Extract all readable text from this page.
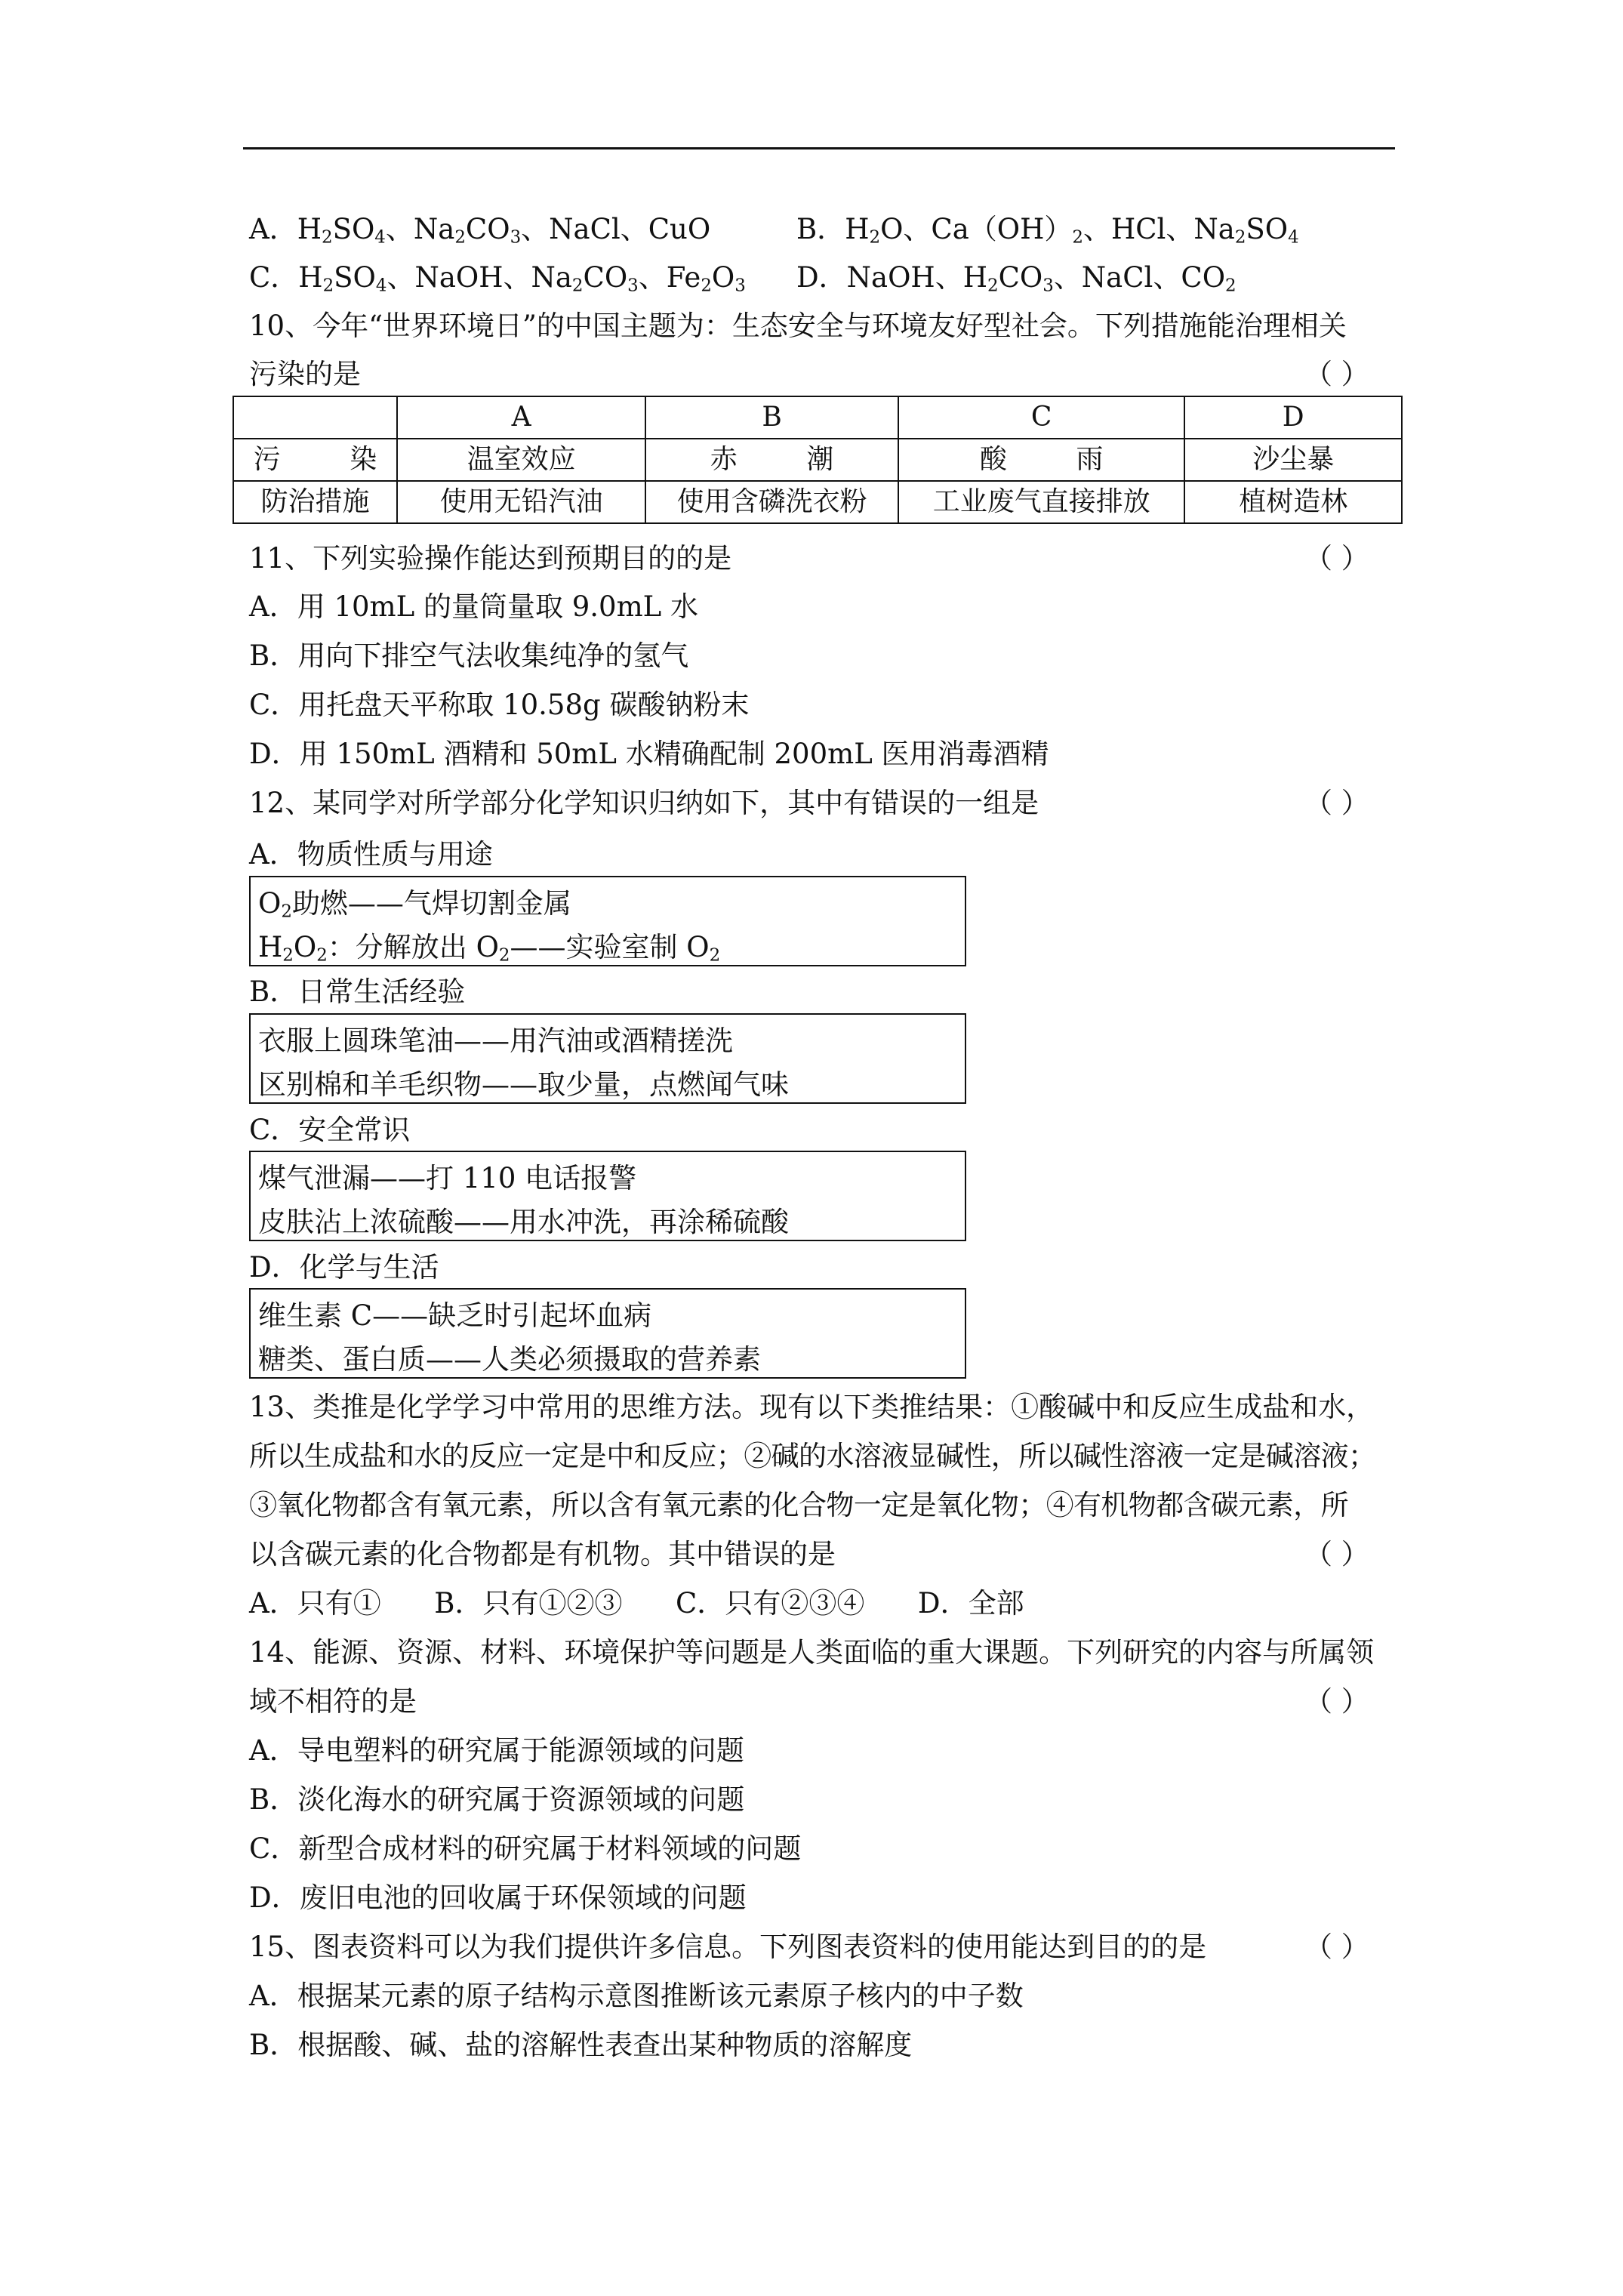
A．$H_2SO_4$、$Na_2CO_3$、NaCl、CuO	B．$H_2O$、$Ca(OH)_2$、HCl、$Na_2SO_4$
C．$H_2SO_4$、NaOH、$Na_2CO_3$、$Fe_2O_3$ D．NaOH、$H_2CO_3$、NaCl、$CO_2$
10、今年“世界环境日”的中国主题为：生态安全与环境友好型社会。下列措施能治理相关
污染的是	（ ）
	A	B	C	D
污        染	温室效应	赤        潮	酸        雨	沙尘暴
防治措施	使用无铅汽油	使用含磷洗衣粉	工业废气直接排放	植树造林
11、下列实验操作能达到预期目的的是	（ ）
A．用 10mL 的量筒量取 9.0mL 水
B．用向下排空气法收集纯净的氢气
C．用托盘天平称取 10.58g 碳酸钠粉末
D．用 150mL 酒精和 50mL 水精确配制 200mL 医用消毒酒精
12、某同学对所学部分化学知识归纳如下，其中有错误的一组是	（ ）
A．物质性质与用途
$O_2$助燃——气焊切割金属
$H_2O_2$：分解放出 $O_2——$实验室制 $O_2$
B．日常生活经验
衣服上圆珠笔油——用汽油或酒精搓洗
区别棉和羊毛织物——取少量，点燃闻气味
C．安全常识
煤气泄漏——打 110 电话报警
皮肤沾上浓硫酸——用水冲洗，再涂稀硫酸
D．化学与生活
维生素 C——缺乏时引起坏血病
糖类、蛋白质——人类必须摄取的营养素
13、类推是化学学习中常用的思维方法。现有以下类推结果：①酸碱中和反应生成盐和水，
所以生成盐和水的反应一定是中和反应；②碱的水溶液显碱性，所以碱性溶液一定是碱溶液；
③氧化物都含有氧元素，所以含有氧元素的化合物一定是氧化物；④有机物都含碳元素，所
以含碳元素的化合物都是有机物。其中错误的是	（ ）
A．只有①      B．只有①②③      C．只有②③④      D．全部
14、能源、资源、材料、环境保护等问题是人类面临的重大课题。下列研究的内容与所属领
域不相符的是	（ ）
A．导电塑料的研究属于能源领域的问题
B．淡化海水的研究属于资源领域的问题
C．新型合成材料的研究属于材料领域的问题
D．废旧电池的回收属于环保领域的问题
15、图表资料可以为我们提供许多信息。下列图表资料的使用能达到目的的是	（ ）
A．根据某元素的原子结构示意图推断该元素原子核内的中子数
B．根据酸、碱、盐的溶解性表查出某种物质的溶解度
